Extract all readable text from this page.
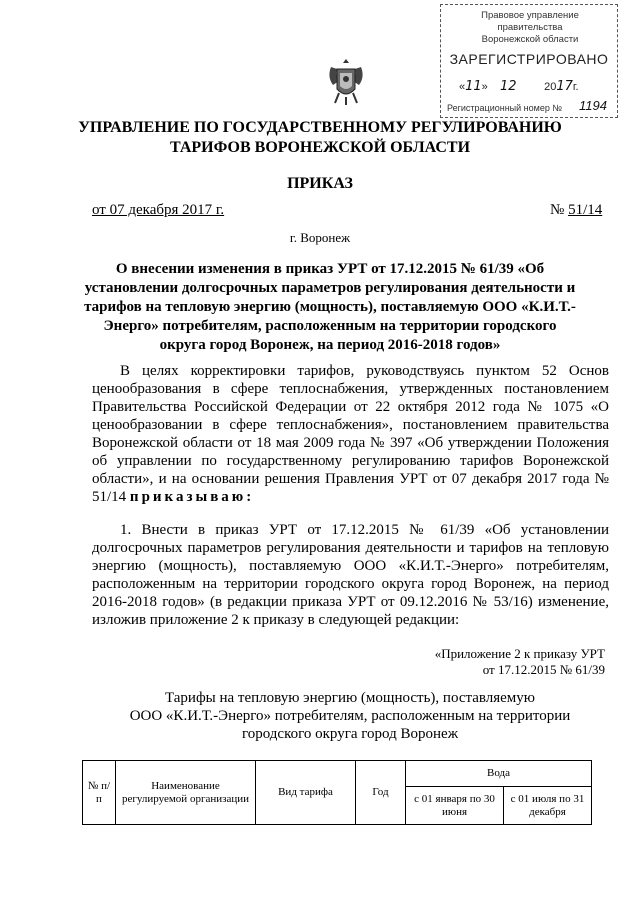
Правовое управление правительства
Воронежской области
ЗАРЕГИСТРИРОВАНО
«11»    12	2017г.
Регистрационный номер № 1194
УПРАВЛЕНИЕ ПО ГОСУДАРСТВЕННОМУ РЕГУЛИРОВАНИЮ
ТАРИФОВ ВОРОНЕЖСКОЙ ОБЛАСТИ
ПРИКАЗ
от 07 декабря 2017 г.	№ 51/14
г. Воронеж
О внесении изменения в приказ УРТ от 17.12.2015 № 61/39 «Об установлении долгосрочных параметров регулирования деятельности и тарифов на тепловую энергию (мощность), поставляемую ООО «К.И.Т.-Энерго» потребителям, расположенным на территории городского округа город Воронеж, на период 2016-2018 годов»
В целях корректировки тарифов, руководствуясь пунктом 52 Основ ценообразования в сфере теплоснабжения, утвержденных постановлением Правительства Российской Федерации от 22 октября 2012 года № 1075 «О ценообразовании в сфере теплоснабжения», постановлением правительства Воронежской области от 18 мая 2009 года № 397 «Об утверждении Положения об управлении по государственному регулированию тарифов Воронежской области», и на основании решения Правления УРТ от 07 декабря 2017 года № 51/14 приказываю:
1. Внести в приказ УРТ от 17.12.2015 № 61/39 «Об установлении долгосрочных параметров регулирования деятельности и тарифов на тепловую энергию (мощность), поставляемую ООО «К.И.Т.-Энерго» потребителям, расположенным на территории городского округа город Воронеж, на период 2016-2018 годов» (в редакции приказа УРТ от 09.12.2016 № 53/16) изменение, изложив приложение 2 к приказу в следующей редакции:
«Приложение 2 к приказу УРТ
от 17.12.2015 № 61/39
Тарифы на тепловую энергию (мощность), поставляемую
ООО «К.И.Т.-Энерго» потребителям, расположенным на территории
городского округа город Воронеж
№ п/п	Наименование регулируемой организации	Вид тарифа	Год	Вода	
				с 01 января по 30 июня	с 01 июля по 31 декабря
